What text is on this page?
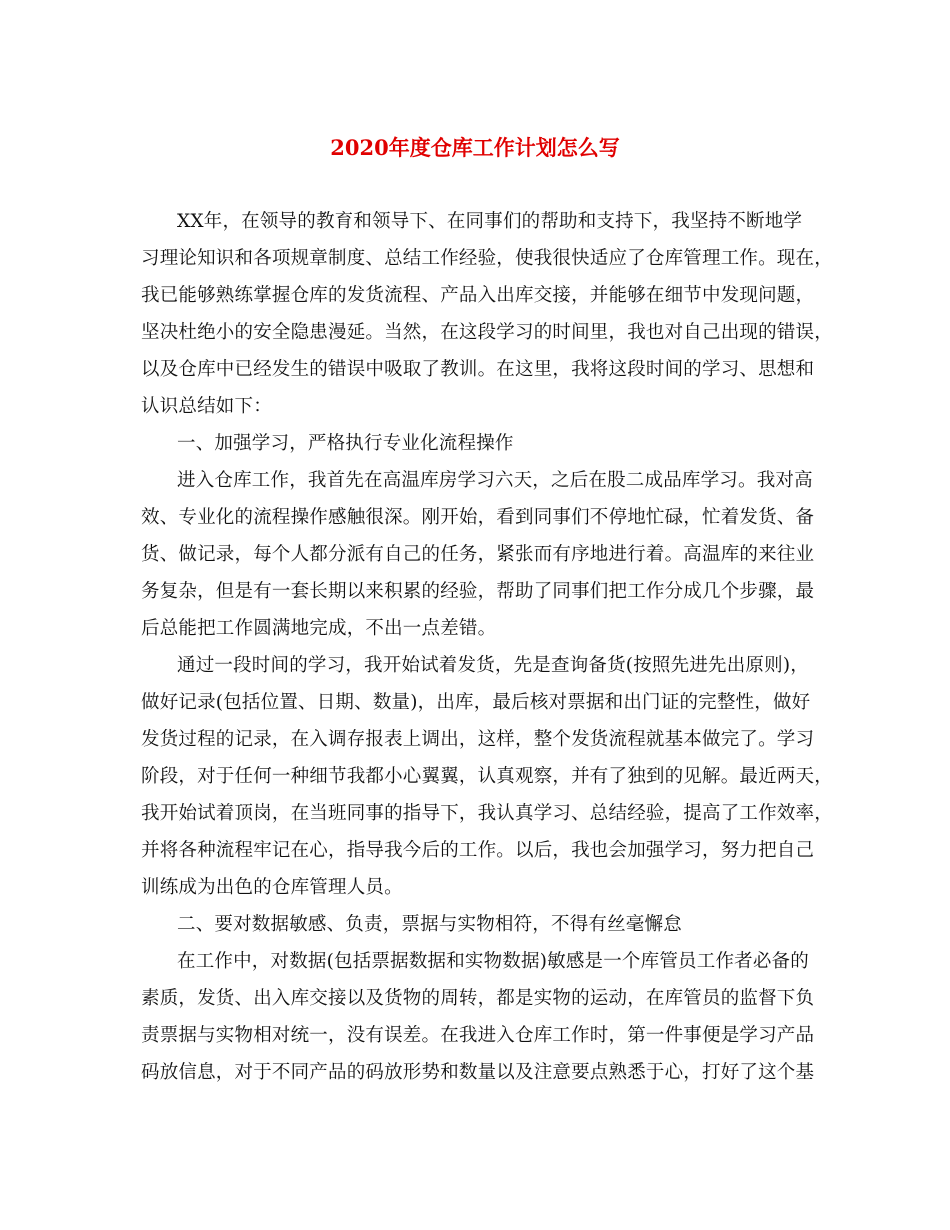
2020年度仓库工作计划怎么写
XX年，在领导的教育和领导下、在同事们的帮助和支持下，我坚持不断地学
习理论知识和各项规章制度、总结工作经验，使我很快适应了仓库管理工作。现在，
我已能够熟练掌握仓库的发货流程、产品入出库交接，并能够在细节中发现问题，
坚决杜绝小的安全隐患漫延。当然，在这段学习的时间里，我也对自己出现的错误，
以及仓库中已经发生的错误中吸取了教训。在这里，我将这段时间的学习、思想和
认识总结如下：
一、加强学习，严格执行专业化流程操作
进入仓库工作，我首先在高温库房学习六天，之后在股二成品库学习。我对高
效、专业化的流程操作感触很深。刚开始，看到同事们不停地忙碌，忙着发货、备
货、做记录，每个人都分派有自己的任务，紧张而有序地进行着。高温库的来往业
务复杂，但是有一套长期以来积累的经验，帮助了同事们把工作分成几个步骤，最
后总能把工作圆满地完成，不出一点差错。
通过一段时间的学习，我开始试着发货，先是查询备货(按照先进先出原则)，
做好记录(包括位置、日期、数量)，出库，最后核对票据和出门证的完整性，做好
发货过程的记录，在入调存报表上调出，这样，整个发货流程就基本做完了。学习
阶段，对于任何一种细节我都小心翼翼，认真观察，并有了独到的见解。最近两天，
我开始试着顶岗，在当班同事的指导下，我认真学习、总结经验，提高了工作效率，
并将各种流程牢记在心，指导我今后的工作。以后，我也会加强学习，努力把自己
训练成为出色的仓库管理人员。
二、要对数据敏感、负责，票据与实物相符，不得有丝毫懈怠
在工作中，对数据(包括票据数据和实物数据)敏感是一个库管员工作者必备的
素质，发货、出入库交接以及货物的周转，都是实物的运动，在库管员的监督下负
责票据与实物相对统一，没有误差。在我进入仓库工作时，第一件事便是学习产品
码放信息，对于不同产品的码放形势和数量以及注意要点熟悉于心，打好了这个基
